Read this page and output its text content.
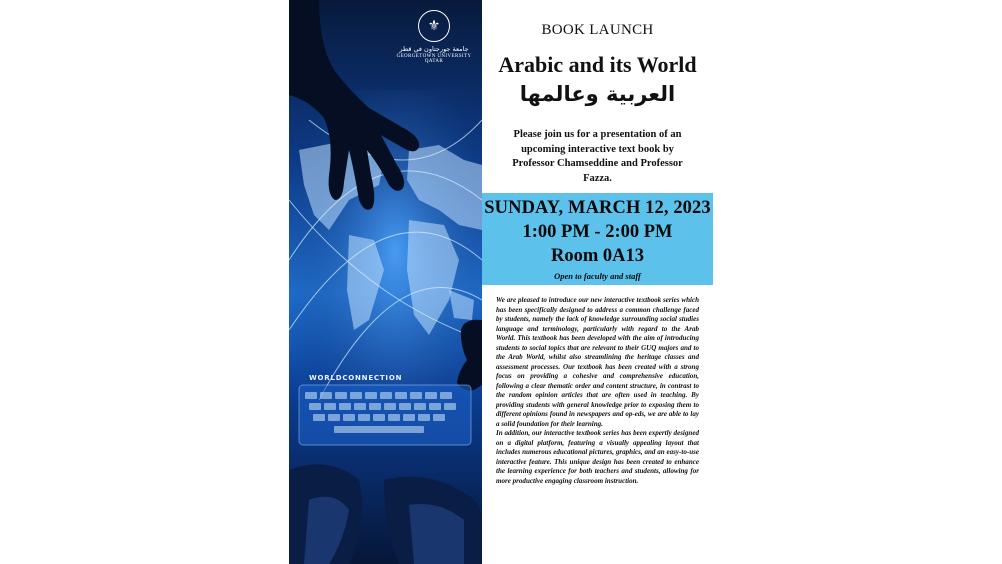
WORLDCONNECTION
⚜
جامعة جورجتاون في قطر
GEORGETOWN UNIVERSITY QATAR
BOOK LAUNCH
Arabic and its World
العربية وعالمها
Please join us for a presentation of an upcoming interactive text book by Professor Chamseddine and Professor Fazza.
SUNDAY, MARCH 12, 2023
1:00 PM - 2:00 PM
Room 0A13
Open to faculty and staff

We are pleased to introduce our new interactive textbook series which has been specifically designed to address a common challenge faced by students, namely the lack of knowledge surrounding social studies language and terminology, particularly with regard to the Arab World. This textbook has been developed with the aim of introducing students to social topics that are relevant to their GUQ majors and to the Arab World, whilst also streamlining the heritage classes and assessment processes. Our textbook has been created with a strong focus on providing a cohesive and comprehensive education, following a clear thematic order and content structure, in contrast to the random opinion articles that are often used in teaching. By providing students with general knowledge prior to exposing them to different opinions found in newspapers and op-eds, we are able to lay a solid foundation for their learning.

In addition, our interactive textbook series has been expertly designed on a digital platform, featuring a visually appealing layout that includes numerous educational pictures, graphics, and an easy-to-use interactive feature. This unique design has been created to enhance the learning experience for both teachers and students, allowing for more productive engaging classroom instruction.
